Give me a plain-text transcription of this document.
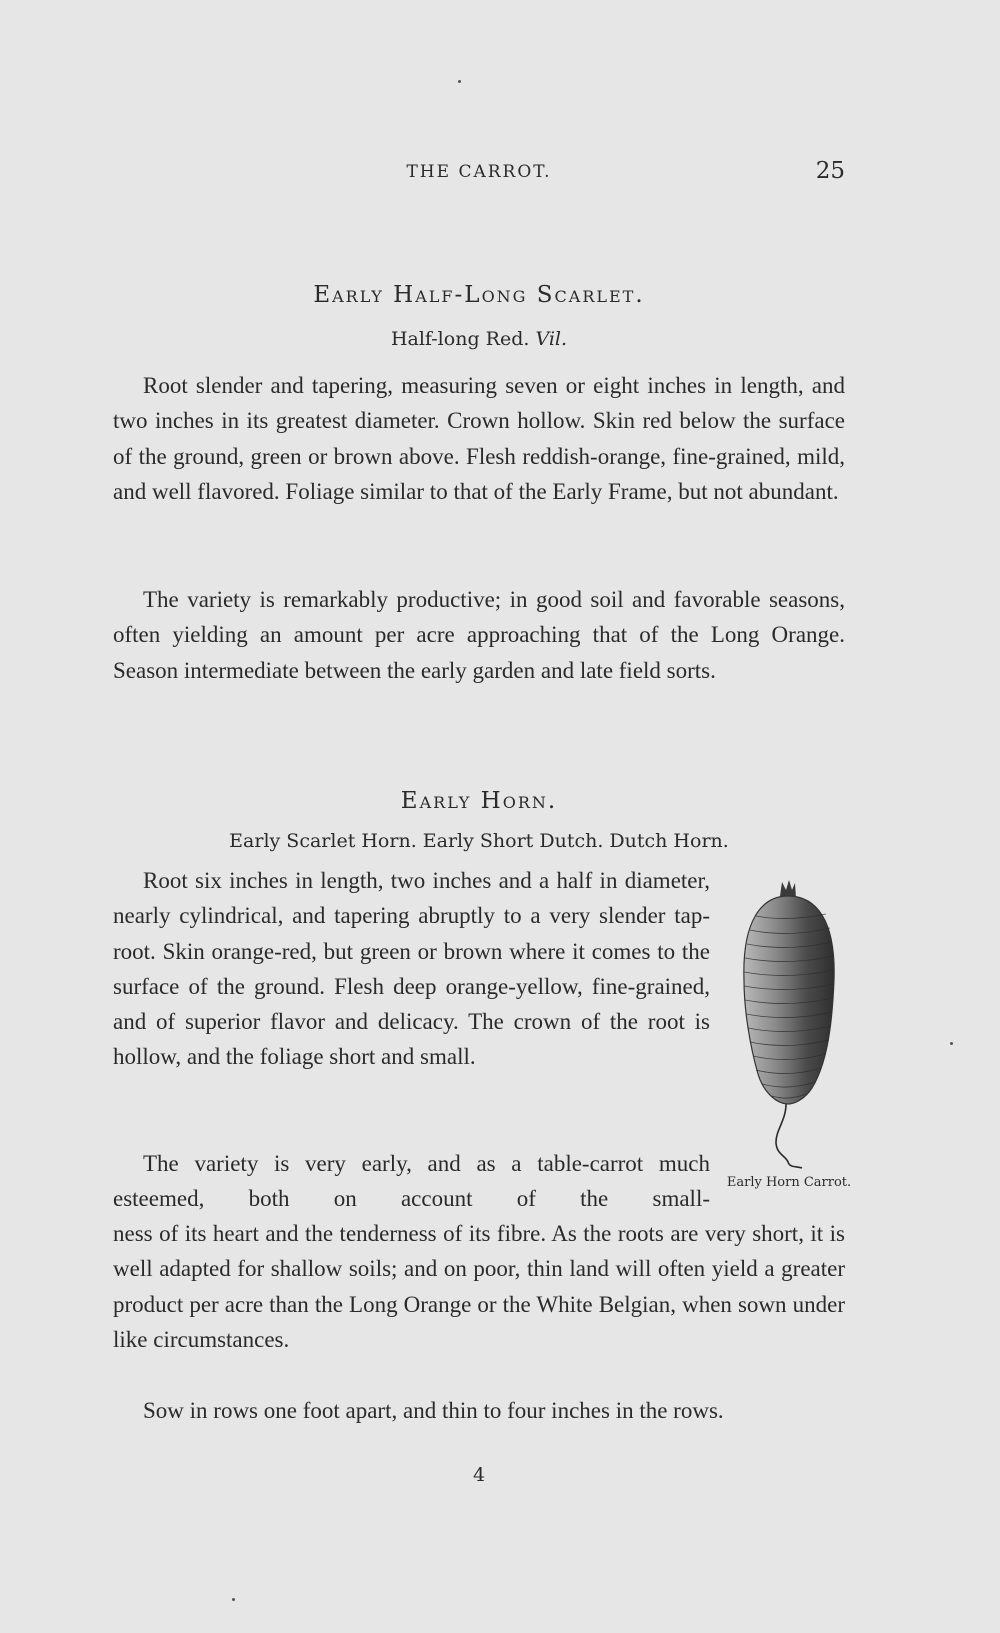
THE CARROT.	25
Early Half-Long Scarlet.
Half-long Red. Vil.

Root slender and tapering, measuring seven or eight inches in length, and two inches in its greatest diameter. Crown hollow. Skin red below the surface of the ground, green or brown above. Flesh reddish-orange, fine-grained, mild, and well flavored. Foliage similar to that of the Early Frame, but not abundant.

The variety is remarkably productive; in good soil and favorable seasons, often yielding an amount per acre approaching that of the Long Orange. Season intermediate between the early garden and late field sorts.

Early Horn.
Early Scarlet Horn. Early Short Dutch. Dutch Horn.

Root six inches in length, two inches and a half in diameter, nearly cylindrical, and tapering abruptly to a very slender tap-root. Skin orange-red, but green or brown where it comes to the surface of the ground. Flesh deep orange-yellow, fine-grained, and of superior flavor and delicacy. The crown of the root is hollow, and the foliage short and small.

The variety is very early, and as a table-carrot much esteemed, both on account of the small-

ness of its heart and the tenderness of its fibre. As the roots are very short, it is well adapted for shallow soils; and on poor, thin land will often yield a greater product per acre than the Long Orange or the White Belgian, when sown under like circumstances.

Sow in rows one foot apart, and thin to four inches in the rows.

Early Horn Carrot.
4
